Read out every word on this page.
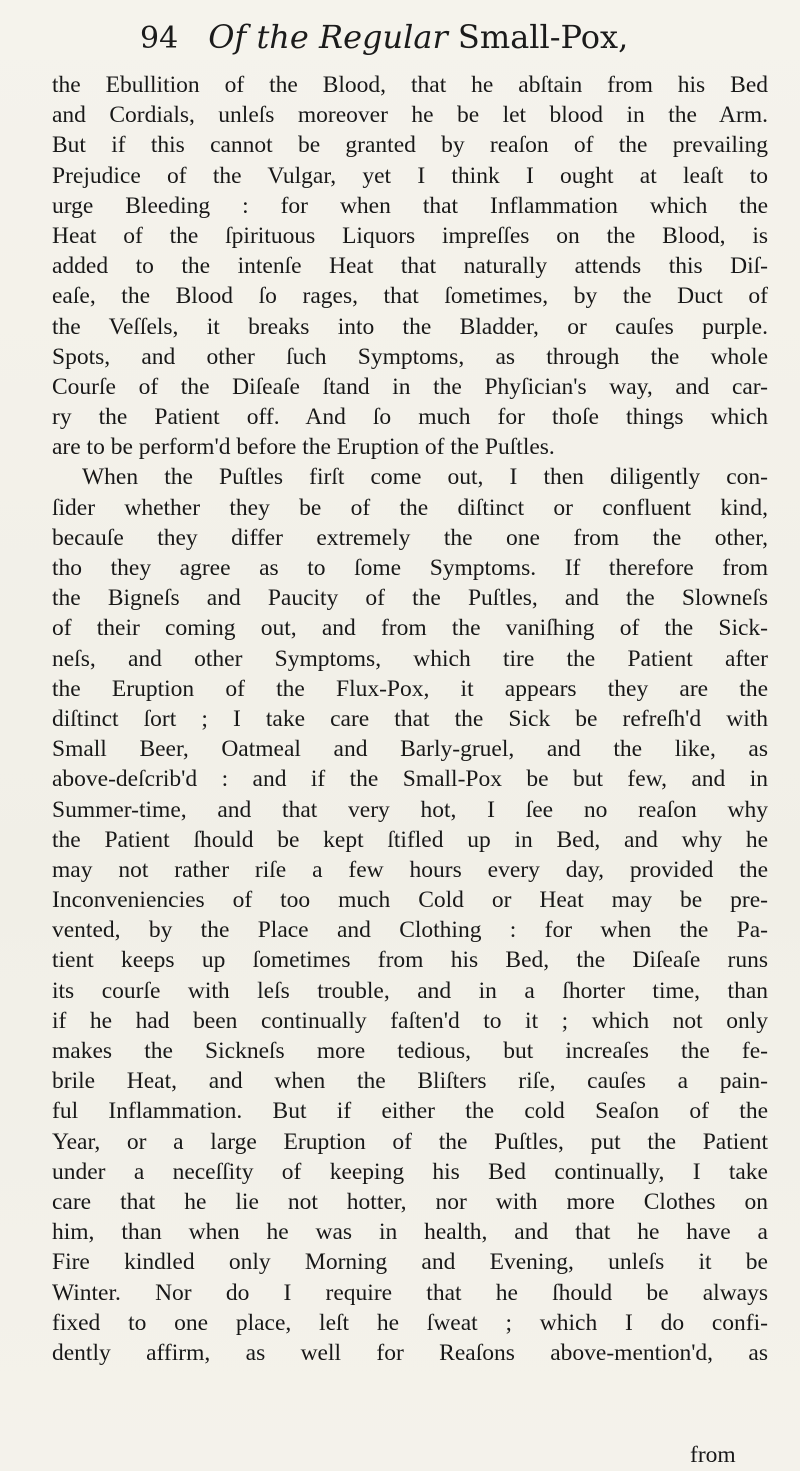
94 Of the Regular Small-Pox,
the Ebullition of the Blood, that he abſtain from his Bed
and Cordials, unleſs moreover he be let blood in the Arm.
But if this cannot be granted by reaſon of the prevailing
Prejudice of the Vulgar, yet I think I ought at leaſt to
urge Bleeding : for when that Inflammation which the
Heat of the ſpirituous Liquors impreſſes on the Blood, is
added to the intenſe Heat that naturally attends this Diſ-
eaſe, the Blood ſo rages, that ſometimes, by the Duct of
the Veſſels, it breaks into the Bladder, or cauſes purple.
Spots, and other ſuch Symptoms, as through the whole
Courſe of the Diſeaſe ſtand in the Phyſician's way, and car-
ry the Patient off. And ſo much for thoſe things which
are to be perform'd before the Eruption of the Puſtles.
When the Puſtles firſt come out, I then diligently con-
ſider whether they be of the diſtinct or confluent kind,
becauſe they differ extremely the one from the other,
tho they agree as to ſome Symptoms. If therefore from
the Bigneſs and Paucity of the Puſtles, and the Slowneſs
of their coming out, and from the vaniſhing of the Sick-
neſs, and other Symptoms, which tire the Patient after
the Eruption of the Flux-Pox, it appears they are the
diſtinct ſort ; I take care that the Sick be refreſh'd with
Small Beer, Oatmeal and Barly-gruel, and the like, as
above-deſcrib'd : and if the Small-Pox be but few, and in
Summer-time, and that very hot, I ſee no reaſon why
the Patient ſhould be kept ſtifled up in Bed, and why he
may not rather riſe a few hours every day, provided the
Inconveniencies of too much Cold or Heat may be pre-
vented, by the Place and Clothing : for when the Pa-
tient keeps up ſometimes from his Bed, the Diſeaſe runs
its courſe with leſs trouble, and in a ſhorter time, than
if he had been continually faſten'd to it ; which not only
makes the Sickneſs more tedious, but increaſes the fe-
brile Heat, and when the Bliſters riſe, cauſes a pain-
ful Inflammation. But if either the cold Seaſon of the
Year, or a large Eruption of the Puſtles, put the Patient
under a neceſſity of keeping his Bed continually, I take
care that he lie not hotter, nor with more Clothes on
him, than when he was in health, and that he have a
Fire kindled only Morning and Evening, unleſs it be
Winter. Nor do I require that he ſhould be always
fixed to one place, leſt he ſweat ; which I do confi-
dently affirm, as well for Reaſons above-mention'd, as
from
